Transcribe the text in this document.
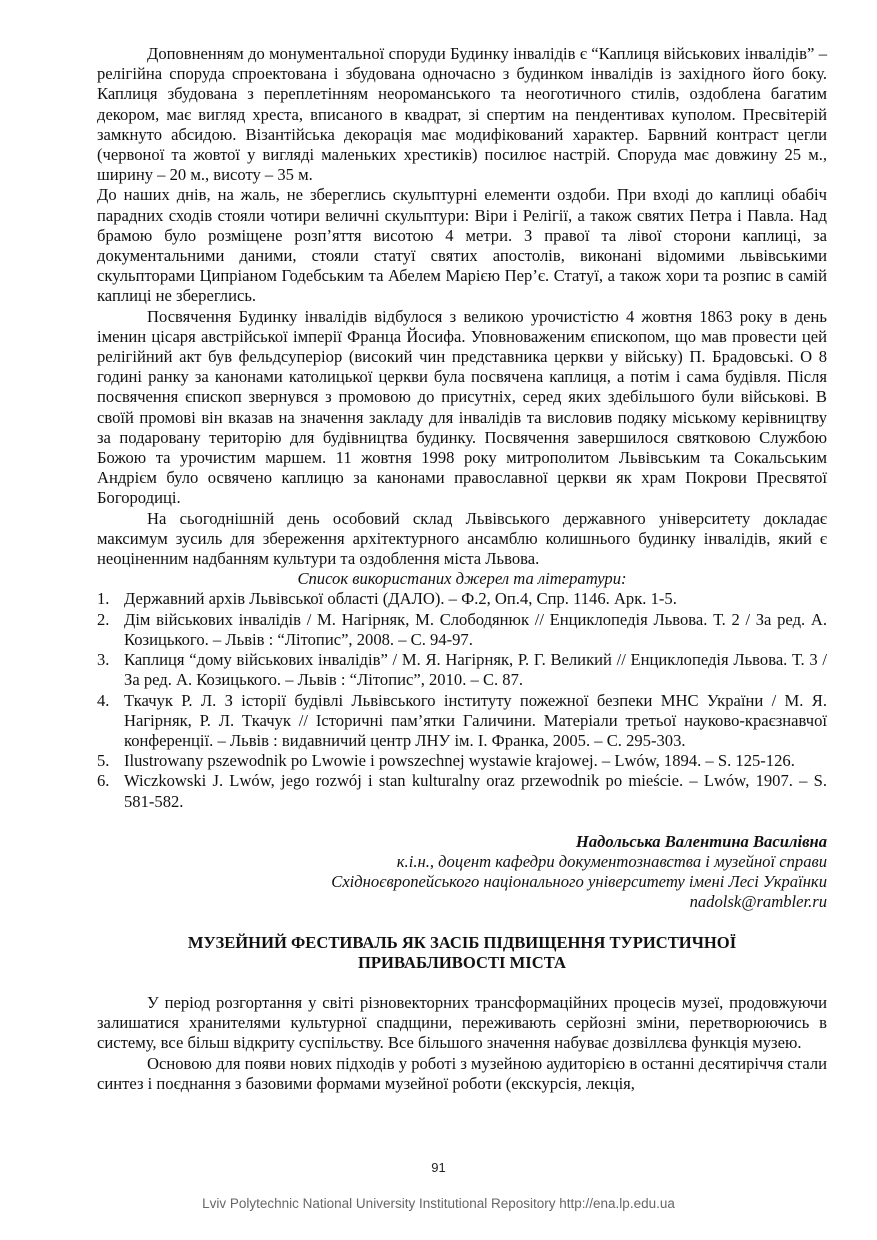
Доповненням до монументальної споруди Будинку інвалідів є “Каплиця військових інвалідів” – релігійна споруда спроектована і збудована одночасно з будинком інвалідів із західного його боку. Каплиця збудована з переплетінням неороманського та неоготичного стилів, оздоблена багатим декором, має вигляд хреста, вписаного в квадрат, зі спертим на пендентивах куполом. Пресвітерій замкнуто абсидою. Візантійська декорація має модифікований характер. Барвний контраст цегли (червоної та жовтої у вигляді маленьких хрестиків) посилює настрій. Споруда має довжину 25 м., ширину – 20 м., висоту – 35 м.

До наших днів, на жаль, не збереглись скульптурні елементи оздоби. При вході до каплиці обабіч парадних сходів стояли чотири величні скульптури: Віри і Релігії, а також святих Петра і Павла. Над брамою було розміщене розп’яття висотою 4 метри. З правої та лівої сторони каплиці, за документальними даними, стояли статуї святих апостолів, виконані відомими львівськими скульпторами Ципріаном Годебським та Абелем Марією Пер’є. Статуї, а також хори та розпис в самій каплиці не збереглись.

Посвячення Будинку інвалідів відбулося з великою урочистістю 4 жовтня 1863 року в день іменин цісаря австрійської імперії Франца Йосифа. Уповноваженим єпископом, що мав провести цей релігійний акт був фельдсуперіор (високий чин представника церкви у війську) П. Брадовські. О 8 годині ранку за канонами католицької церкви була посвячена каплиця, а потім і сама будівля. Після посвячення єпископ звернувся з промовою до присутніх, серед яких здебільшого були військові. В своїй промові він вказав на значення закладу для інвалідів та висловив подяку міському керівництву за подаровану територію для будівництва будинку. Посвячення завершилося святковою Службою Божою та урочистим маршем. 11 жовтня 1998 року митрополитом Львівським та Сокальським Андрієм було освячено каплицю за канонами православної церкви як храм Покрови Пресвятої Богородиці.

На сьогоднішній день особовий склад Львівського державного університету докладає максимум зусиль для збереження архітектурного ансамблю колишнього будинку інвалідів, який є неоціненним надбанням культури та оздоблення міста Львова.

Список використаних джерел та літератури:
1. Державний архів Львівської області (ДАЛО). – Ф.2, Оп.4, Спр. 1146. Арк. 1-5.
2. Дім військових інвалідів / М. Нагірняк, М. Слободянюк // Енциклопедія Львова. Т. 2 / За ред. А. Козицького. – Львів : “Літопис”, 2008. – С. 94-97.
3. Каплиця “дому військових інвалідів” / М. Я. Нагірняк, Р. Г. Великий // Енциклопедія Львова. Т. 3 / За ред. А. Козицького. – Львів : “Літопис”, 2010. – С. 87.
4. Ткачук Р. Л. З історії будівлі Львівського інституту пожежної безпеки МНС України / М. Я. Нагірняк, Р. Л. Ткачук // Історичні пам’ятки Галичини. Матеріали третьої науково-краєзнавчої конференції. – Львів : видавничий центр ЛНУ ім. І. Франка, 2005. – С. 295-303.
5. Ilustrowany pszewodnik po Lwowie i powszechnej wystawie krajowej. – Lwów, 1894. – S. 125-126.
6. Wiczkowski J. Lwów, jego rozwój i stan kulturalny oraz przewodnik po mieście. – Lwów, 1907. – S. 581-582.
Надольська Валентина Василівна
к.і.н., доцент кафедри документознавства і музейної справи
Східноєвропейського національного університету імені Лесі Українки
nadolsk@rambler.ru
МУЗЕЙНИЙ ФЕСТИВАЛЬ ЯК ЗАСІБ ПІДВИЩЕННЯ ТУРИСТИЧНОЇ
ПРИВАБЛИВОСТІ МІСТА

У період розгортання у світі різновекторних трансформаційних процесів музеї, продовжуючи залишатися хранителями культурної спадщини, переживають серйозні зміни, перетворюючись в систему, все більш відкриту суспільству. Все більшого значення набуває дозвіллєва функція музею.

Основою для появи нових підходів у роботі з музейною аудиторією в останні десятиріччя стали синтез і поєднання з базовими формами музейної роботи (екскурсія, лекція,

91
Lviv Polytechnic National University Institutional Repository http://ena.lp.edu.ua
